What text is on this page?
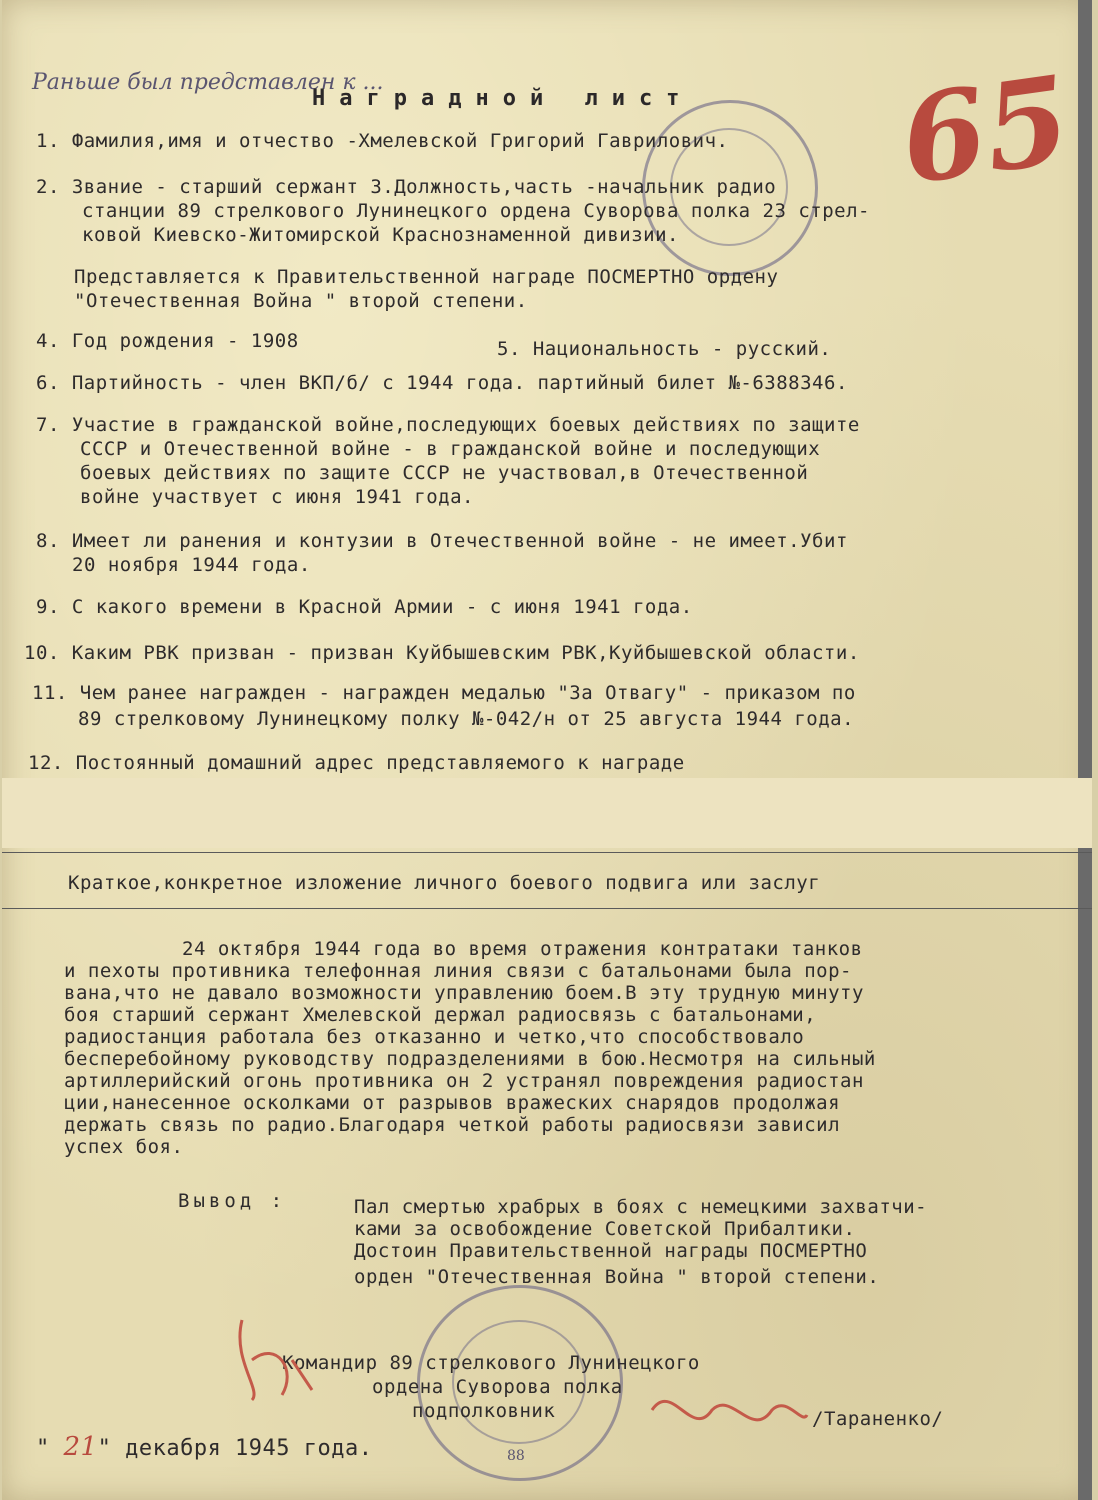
Раньше был представлен к ...
Наградной лист 65
1. Фамилия,имя и отчество -Хмелевской Григорий Гаврилович.
2. Звание - старший сержант 3.Должность,часть -начальник радио
станции 89 стрелкового Лунинецкого ордена Суворова полка 23 стрел-
ковой Киевско-Житомирской Краснознаменной дивизии.
Представляется к Правительственной награде ПОСМЕРТНО ордену
"Отечественная Война " второй степени.
4. Год рождения - 1908	5. Национальность - русский.
6. Партийность - член ВКП/б/ с 1944 года. партийный билет №-6388346.
7. Участие в гражданской войне,последующих боевых действиях по защите
СССР и Отечественной войне - в гражданской войне и последующих
боевых действиях по защите СССР не участвовал,в Отечественной
войне участвует с июня 1941 года.
8. Имеет ли ранения и контузии в Отечественной войне - не имеет.Убит
20 ноября 1944 года.
9. С какого времени в Красной Армии - с июня 1941 года.
10. Каким РВК призван - призван Куйбышевским РВК,Куйбышевской области.
11. Чем ранее награжден - награжден медалью "За Отвагу" - приказом по
89 стрелковому Лунинецкому полку №-042/н от 25 августа 1944 года.
12. Постоянный домашний адрес представляемого к награде
Краткое,конкретное изложение личного боевого подвига или заслуг
24 октября 1944 года во время отражения контратаки танков
и пехоты противника телефонная линия связи с батальонами была пор-
вана,что не давало возможности управлению боем.В эту трудную минуту
боя старший сержант Хмелевской держал радиосвязь с батальонами,
радиостанция работала без отказанно и четко,что способствовало
бесперебойному руководству подразделениями в бою.Несмотря на сильный
артиллерийский огонь противника он 2 устранял повреждения радиостан
ции,нанесенное осколками от разрывов вражеских снарядов продолжая
держать связь по радио.Благодаря четкой работы радиосвязи зависил
успех боя.
Вывод :	Пал смертью храбрых в боях с немецкими захватчи-
ками за освобождение Советской Прибалтики.
Достоин Правительственной награды ПОСМЕРТНО
орден "Отечественная Война " второй степени.
88
Командир 89 стрелкового Лунинецкого
ордена Суворова полка
подполковник	/Тараненко/
" 21" декабря 1945 года.
